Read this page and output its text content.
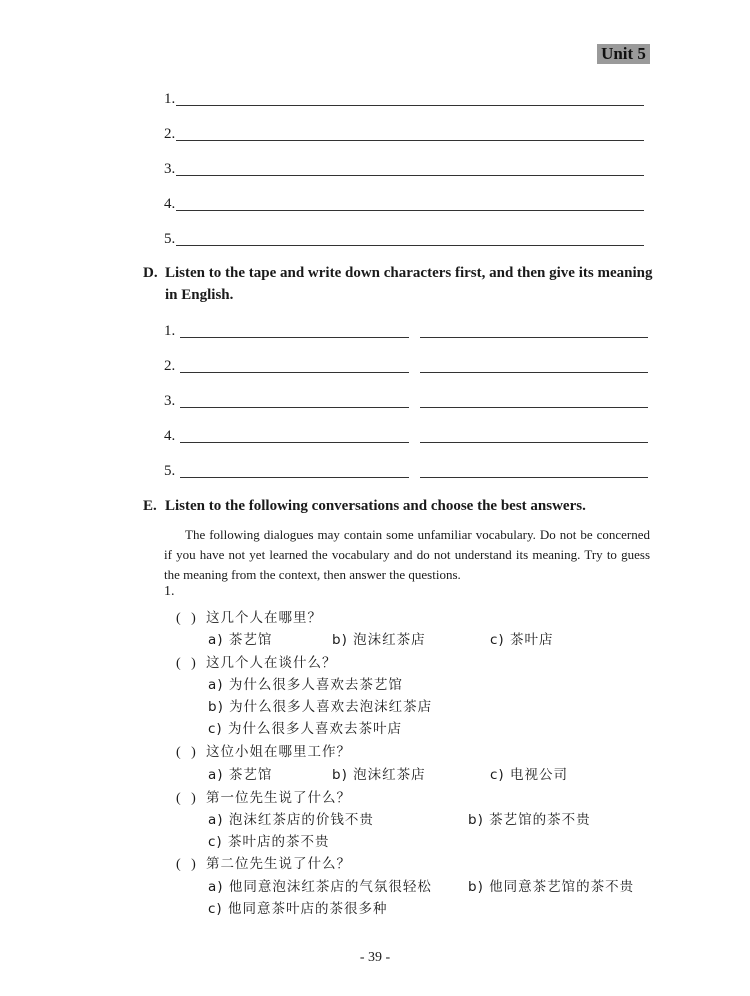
Unit 5
1.
2.
3.
4.
5.
D. Listen to the tape and write down characters first, and then give its meaning in English.
1.
2.
3.
4.
5.
E. Listen to the following conversations and choose the best answers.
The following dialogues may contain some unfamiliar vocabulary. Do not be concerned if you have not yet learned the vocabulary and do not understand its meaning. Try to guess the meaning from the context, then answer the questions.
1.
(   ) 这几个人在哪里？
a) 茶艺馆	b) 泡沫红茶店	c) 茶叶店
(   ) 这几个人在谈什么？
a) 为什么很多人喜欢去茶艺馆
b) 为什么很多人喜欢去泡沫红茶店
c) 为什么很多人喜欢去茶叶店
(   ) 这位小姐在哪里工作？
a) 茶艺馆	b) 泡沫红茶店	c) 电视公司
(   ) 第一位先生说了什么？
a) 泡沫红茶店的价钱不贵	b) 茶艺馆的茶不贵
c) 茶叶店的茶不贵
(   ) 第二位先生说了什么？
a) 他同意泡沫红茶店的气氛很轻松	b) 他同意茶艺馆的茶不贵
c) 他同意茶叶店的茶很多种
- 39 -
